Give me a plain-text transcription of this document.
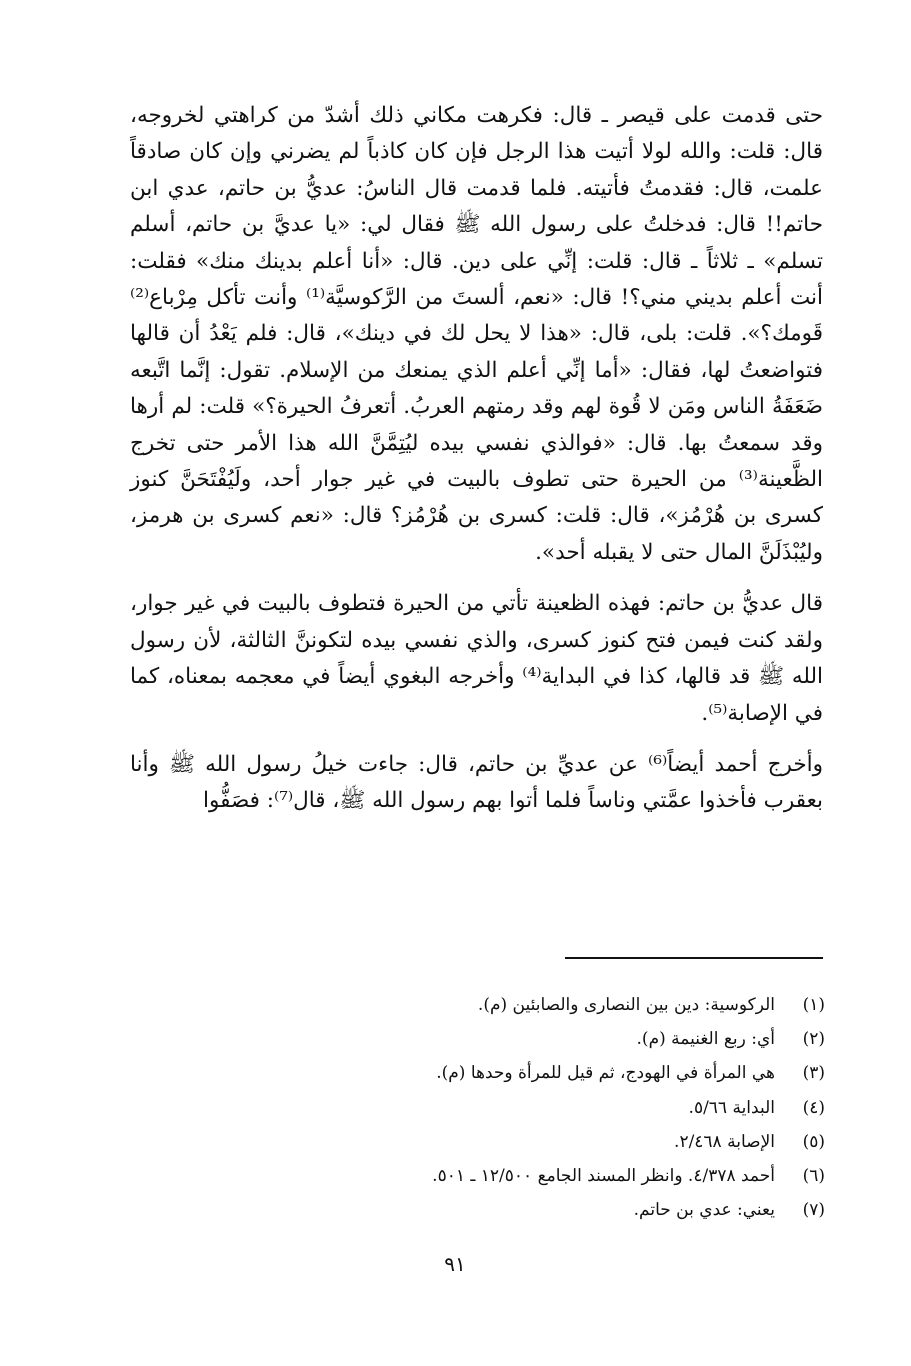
حتى قدمت على قيصر ـ قال: فكرهت مكاني ذلك أشدّ من كراهتي لخروجه، قال: قلت: والله لولا أتيت هذا الرجل فإن كان كاذباً لم يضرني وإن كان صادقاً علمت، قال: فقدمتُ فأتيته. فلما قدمت قال الناسُ: عديُّ بن حاتم، عدي ابن حاتم!! قال: فدخلتُ على رسول الله ﷺ فقال لي: «يا عديَّ بن حاتم، أسلم تسلم» ـ ثلاثاً ـ قال: قلت: إنِّي على دين. قال: «أنا أعلم بدينك منك» فقلت: أنت أعلم بديني مني؟! قال: «نعم، ألستَ من الرَّكوسيَّة⁽¹⁾ وأنت تأكل مِرْباع⁽²⁾ قَومك؟». قلت: بلى، قال: «هذا لا يحل لك في دينك»، قال: فلم يَعْدُ أن قالها فتواضعتُ لها، فقال: «أما إنِّي أعلم الذي يمنعك من الإسلام. تقول: إنَّما اتَّبعه ضَعَفَةُ الناس ومَن لا قُوة لهم وقد رمتهم العربُ. أتعرفُ الحيرة؟» قلت: لم أرها وقد سمعتُ بها. قال: «فوالذي نفسي بيده ليُتِمَّنَّ الله هذا الأمر حتى تخرج الظَّعينة⁽³⁾ من الحيرة حتى تطوف بالبيت في غير جوار أحد، ولَيُفْتَحَنَّ كنوز كسرى بن هُرْمُز»، قال: قلت: كسرى بن هُرْمُز؟ قال: «نعم كسرى بن هرمز، وليُبْذَلَنَّ المال حتى لا يقبله أحد».

قال عديُّ بن حاتم: فهذه الظعينة تأتي من الحيرة فتطوف بالبيت في غير جوار، ولقد كنت فيمن فتح كنوز كسرى، والذي نفسي بيده لتكوننَّ الثالثة، لأن رسول الله ﷺ قد قالها، كذا في البداية⁽⁴⁾ وأخرجه البغوي أيضاً في معجمه بمعناه، كما في الإصابة⁽⁵⁾.

وأخرج أحمد أيضاً⁽⁶⁾ عن عديِّ بن حاتم، قال: جاءت خيلُ رسول الله ﷺ وأنا بعقرب فأخذوا عمَّتي وناساً فلما أتوا بهم رسول الله ﷺ، قال⁽⁷⁾: فصَفُّوا

(١)
الركوسية: دين بين النصارى والصابئين (م).
(٢)
أي: ربع الغنيمة (م).
(٣)
هي المرأة في الهودج، ثم قيل للمرأة وحدها (م).
(٤)
البداية ٥/٦٦.
(٥)
الإصابة ٢/٤٦٨.
(٦)
أحمد ٤/٣٧٨. وانظر المسند الجامع ١٢/٥٠٠ ـ ٥٠١.
(٧)
يعني: عدي بن حاتم.
٩١
